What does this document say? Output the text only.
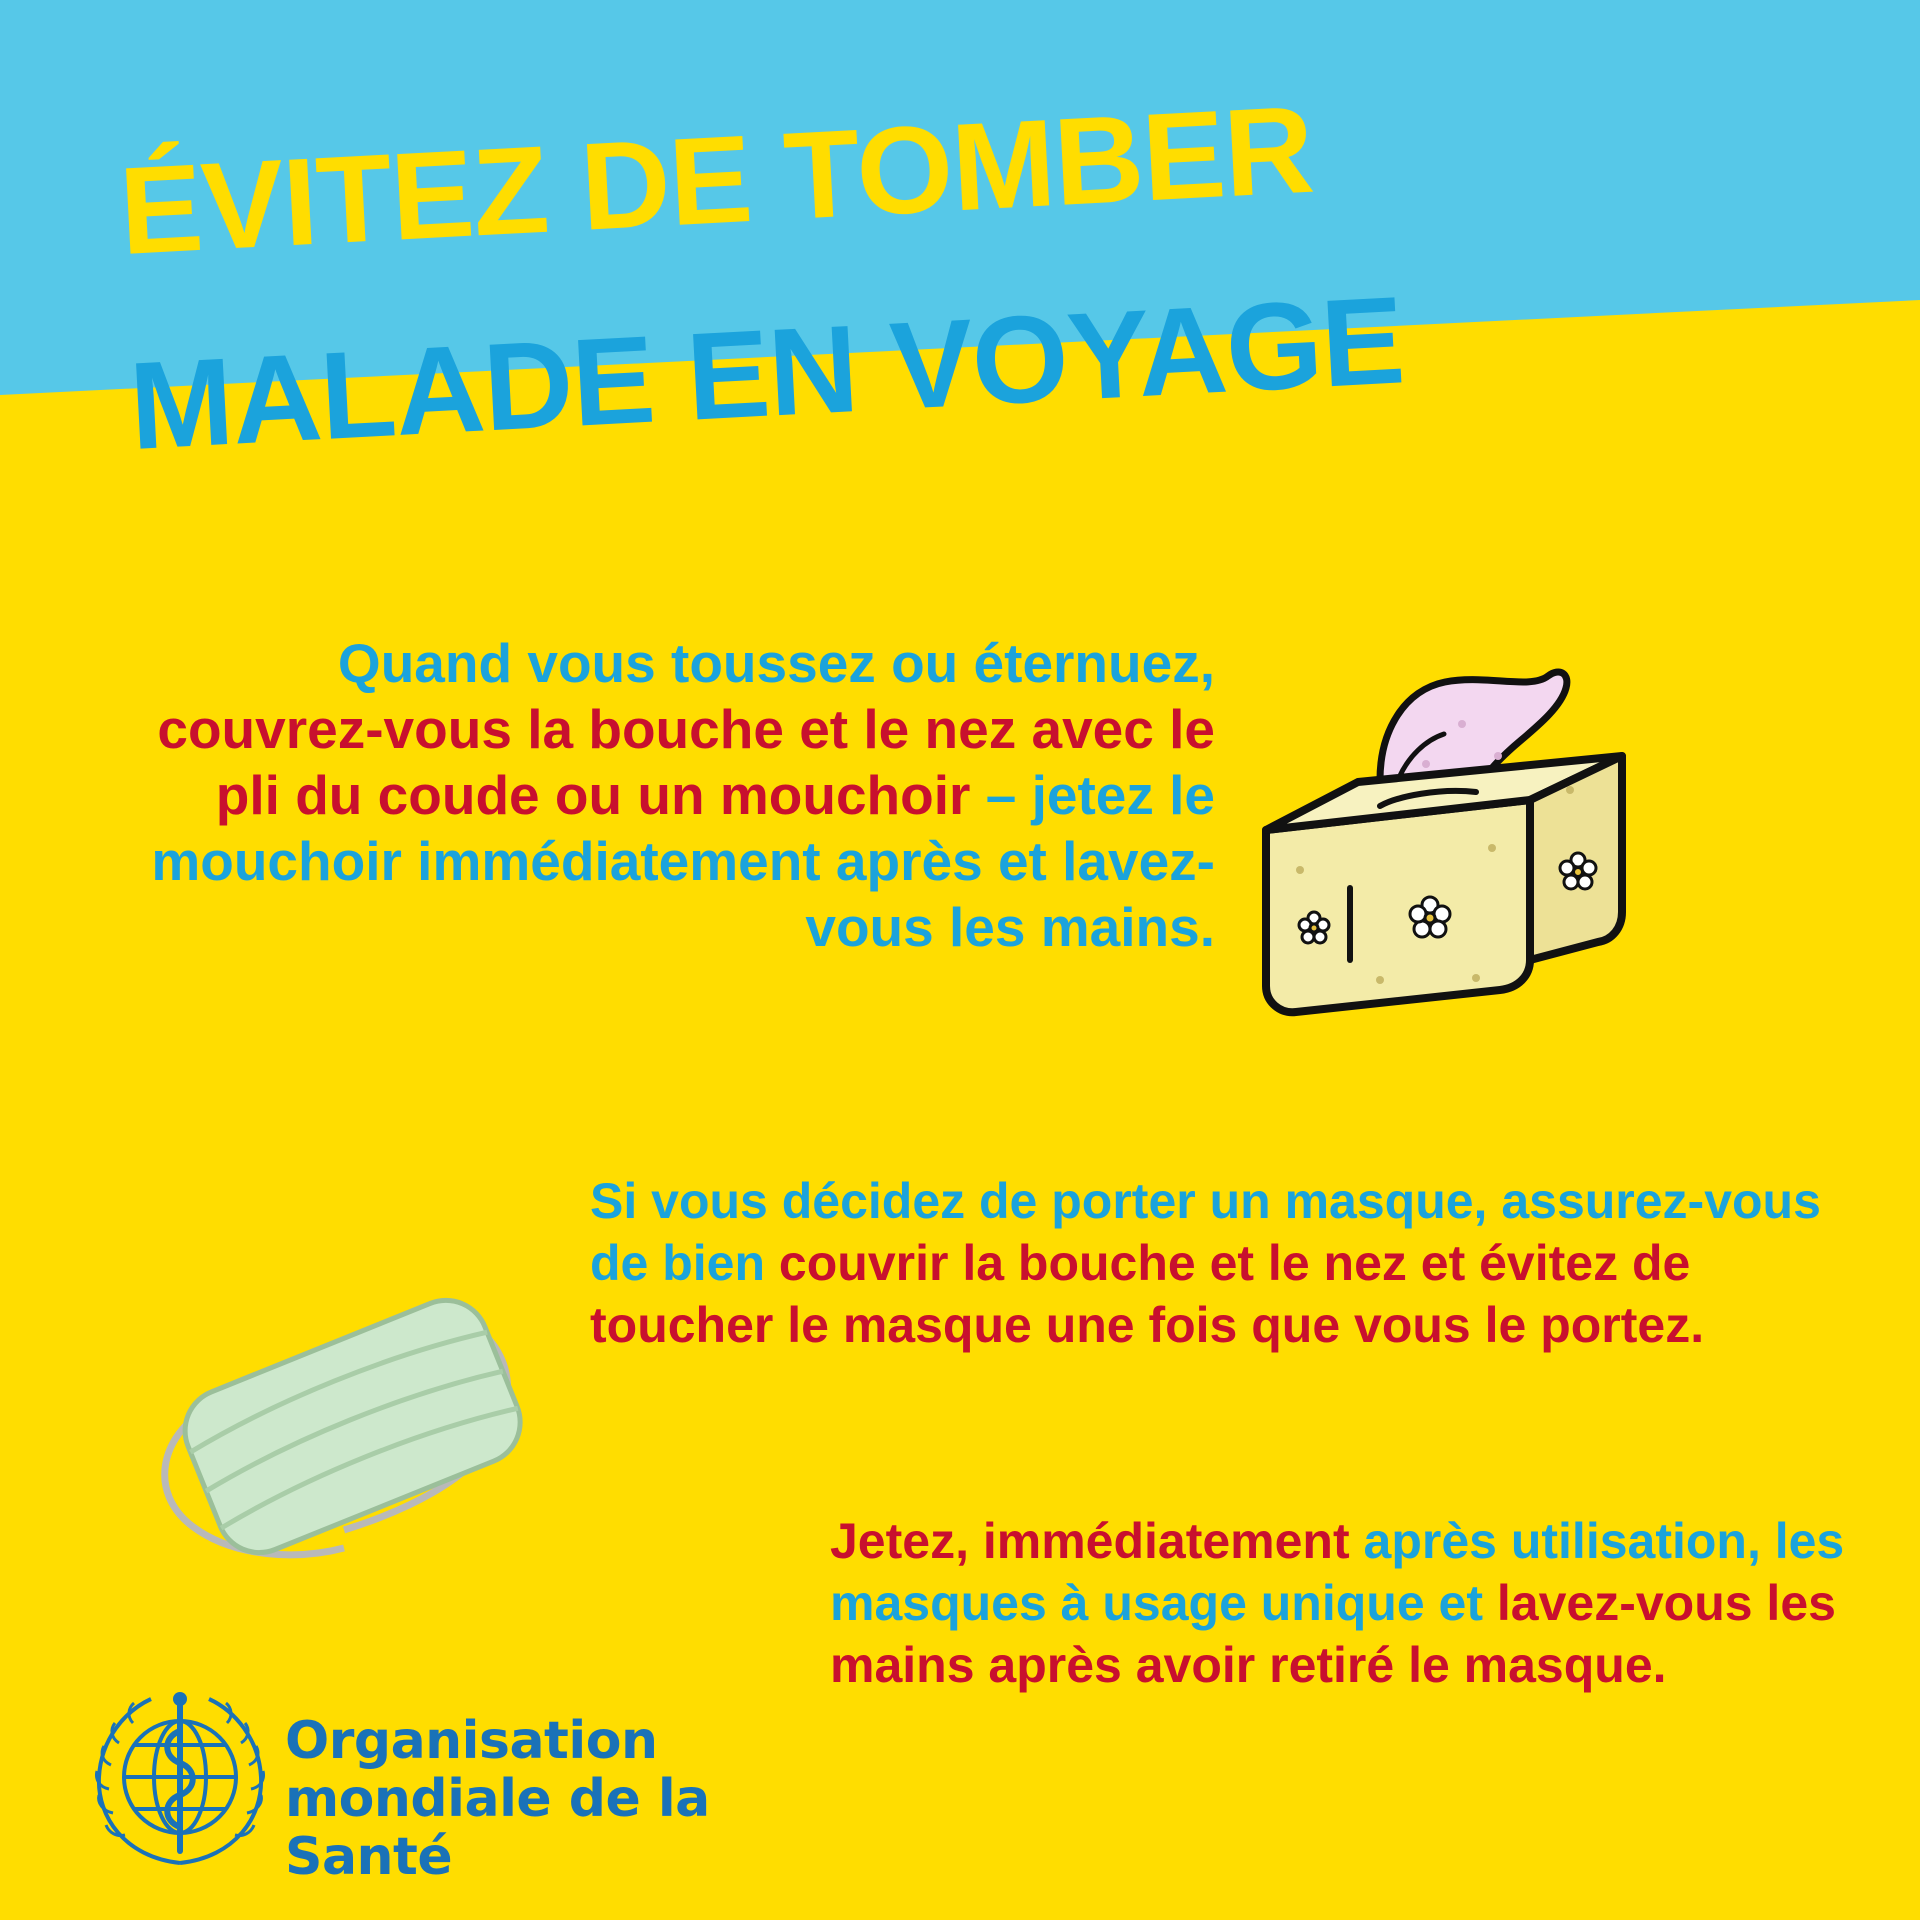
ÉVITEZ DE TOMBER
MALADE EN VOYAGE
Quand vous toussez ou éternuez, couvrez-vous la bouche et le nez avec le pli du coude ou un mouchoir – jetez le mouchoir immédiatement après et lavez-vous les mains.
Si vous décidez de porter un masque, assurez-vous de bien couvrir la bouche et le nez et évitez de toucher le masque une fois que vous le portez.
Jetez, immédiatement après utilisation, les masques à usage unique et lavez-vous les mains après avoir retiré le masque.
Organisation
mondiale de la Santé
